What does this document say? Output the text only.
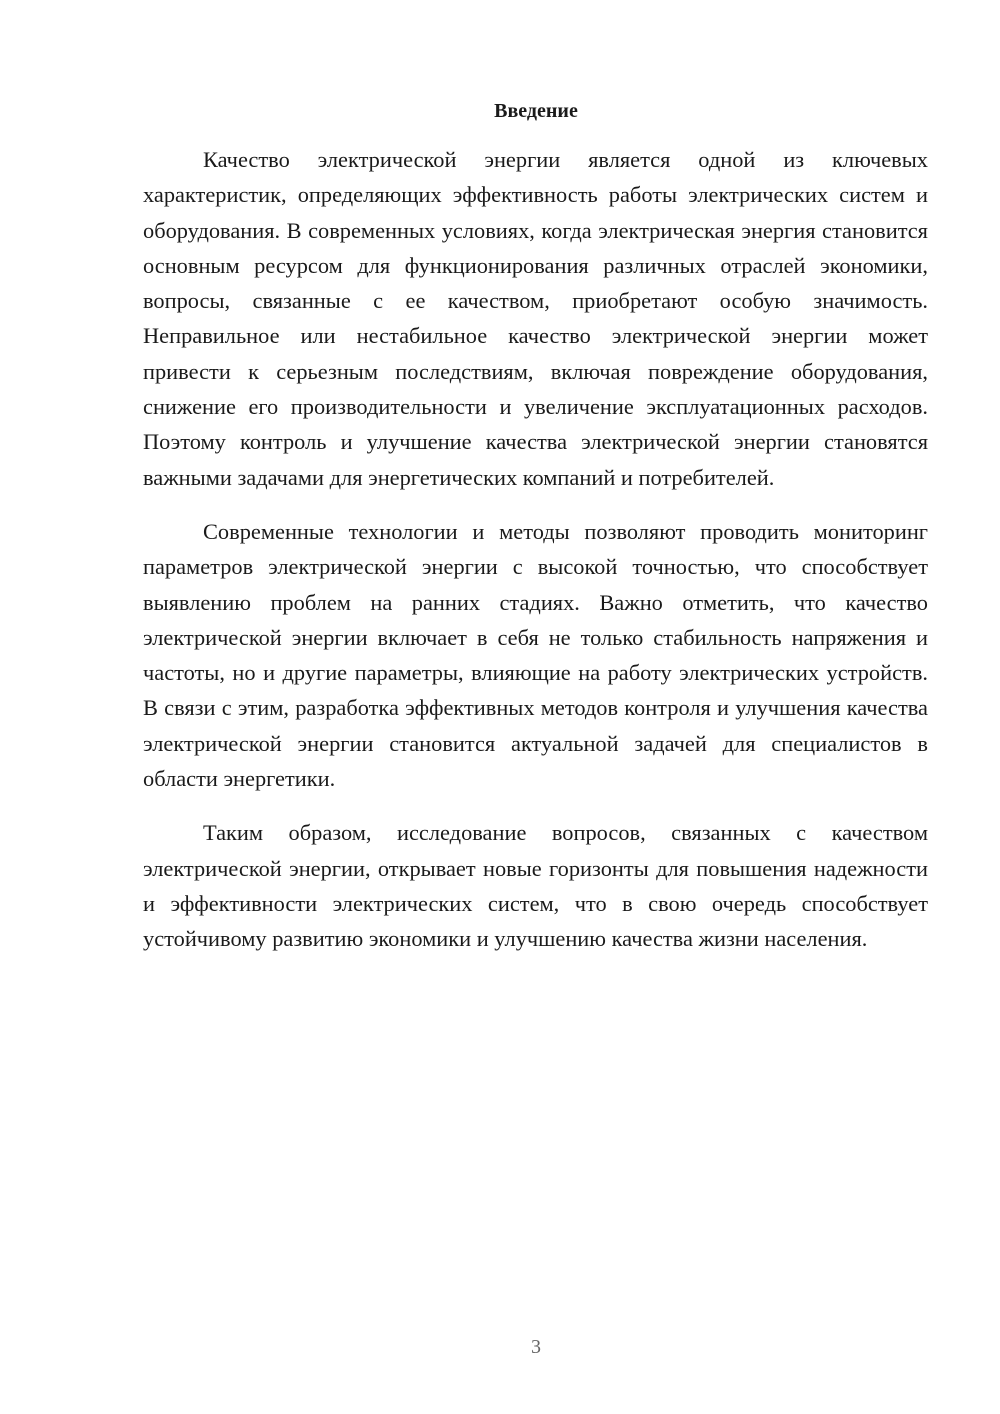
Введение

Качество электрической энергии является одной из ключевых характеристик, определяющих эффективность работы электрических систем и оборудования. В современных условиях, когда электрическая энергия становится основным ресурсом для функционирования различных отраслей экономики, вопросы, связанные с ее качеством, приобретают особую значимость. Неправильное или нестабильное качество электрической энергии может привести к серьезным последствиям, включая повреждение оборудования, снижение его производительности и увеличение эксплуатационных расходов. Поэтому контроль и улучшение качества электрической энергии становятся важными задачами для энергетических компаний и потребителей.

Современные технологии и методы позволяют проводить мониторинг параметров электрической энергии с высокой точностью, что способствует выявлению проблем на ранних стадиях. Важно отметить, что качество электрической энергии включает в себя не только стабильность напряжения и частоты, но и другие параметры, влияющие на работу электрических устройств. В связи с этим, разработка эффективных методов контроля и улучшения качества электрической энергии становится актуальной задачей для специалистов в области энергетики.

Таким образом, исследование вопросов, связанных с качеством электрической энергии, открывает новые горизонты для повышения надежности и эффективности электрических систем, что в свою очередь способствует устойчивому развитию экономики и улучшению качества жизни населения.

3
